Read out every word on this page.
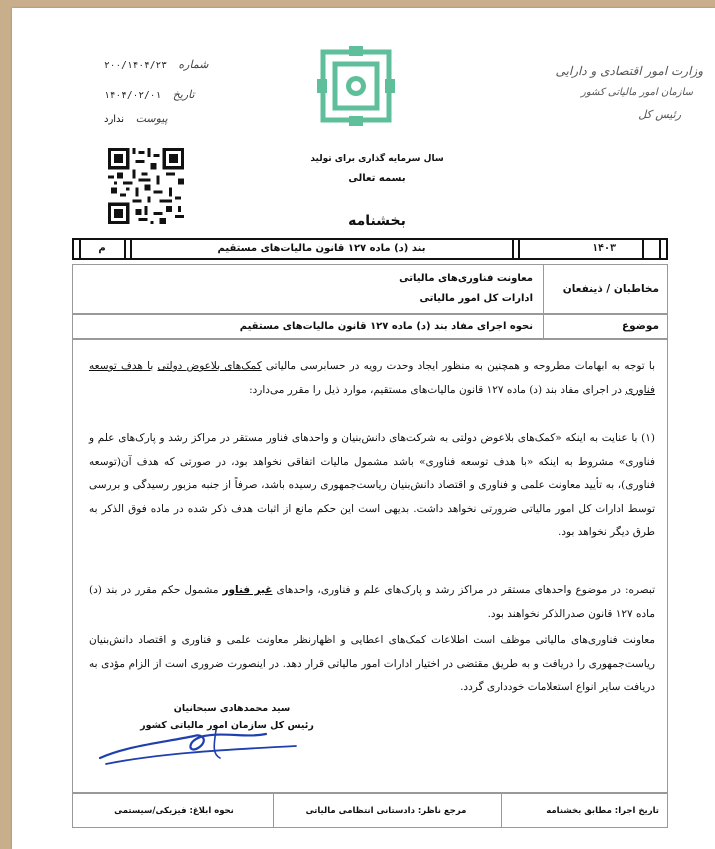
وزارت امور اقتصادی و دارایی
سازمان امور مالیاتی کشور
رئیس کل
شماره ۲۰۰/۱۴۰۴/۲۳
تاریخ ۱۴۰۴/۰۲/۰۱
پیوست ندارد
سال سرمایه گذاری برای تولید
بسمه تعالی
بخشنامه
م	بند (د) ماده ۱۲۷ قانون مالیات‌های مستقیم	۱۴۰۳
مخاطبان / ذینفعان
معاونت فناوری‌های مالیاتی
ادارات کل امور مالیاتی
موضوع
نحوه اجرای مفاد بند (د) ماده ۱۲۷ قانون مالیات‌های مستقیم
با توجه به ابهامات مطروحه و همچنین به منظور ایجاد وحدت رویه در حسابرسی مالیاتی کمک‌های بلاعوض دولتی با هدف توسعه فناوری در اجرای مفاد بند (د) ماده ۱۲۷ قانون مالیات‌های مستقیم، موارد ذیل را مقرر می‌دارد:
(۱) با عنایت به اینکه «کمک‌های بلاعوض دولتی به شرکت‌های دانش‌بنیان و واحدهای فناور مستقر در مراکز رشد و پارک‌های علم و فناوری» مشروط به اینکه «با هدف توسعه فناوری» باشد مشمول مالیات اتفاقی نخواهد بود، در صورتی که هدف آن(توسعه فناوری)، به تأیید معاونت علمی و فناوری و اقتصاد دانش‌بنیان ریاست‌جمهوری رسیده باشد، صرفاً از جنبه مزبور رسیدگی و بررسی توسط ادارات کل امور مالیاتی ضرورتی نخواهد داشت. بدیهی است این حکم مانع از اثبات هدف ذکر شده در ماده فوق الذکر به طرق دیگر نخواهد بود.
تبصره: در موضوع واحدهای مستقر در مراکز رشد و پارک‌های علم و فناوری، واحدهای غیر فناور مشمول حکم مقرر در بند (د) ماده ۱۲۷ قانون صدرالذکر نخواهند بود.
معاونت فناوری‌های مالیاتی موظف است اطلاعات کمک‌های اعطایی و اظهارنظر معاونت علمی و فناوری و اقتصاد دانش‌بنیان ریاست‌جمهوری را دریافت و به طریق مقتضی در اختیار ادارات امور مالیاتی قرار دهد. در اینصورت ضروری است از الزام مؤدی به دریافت سایر انواع استعلامات خودداری گردد.
سید محمدهادی سبحانیان
رئیس کل سازمان امور مالیاتی کشور
تاریخ اجرا: مطابق بخشنامه
مرجع ناظر: دادستانی انتظامی مالیاتی
نحوه ابلاغ: فیزیکی/سیستمی
